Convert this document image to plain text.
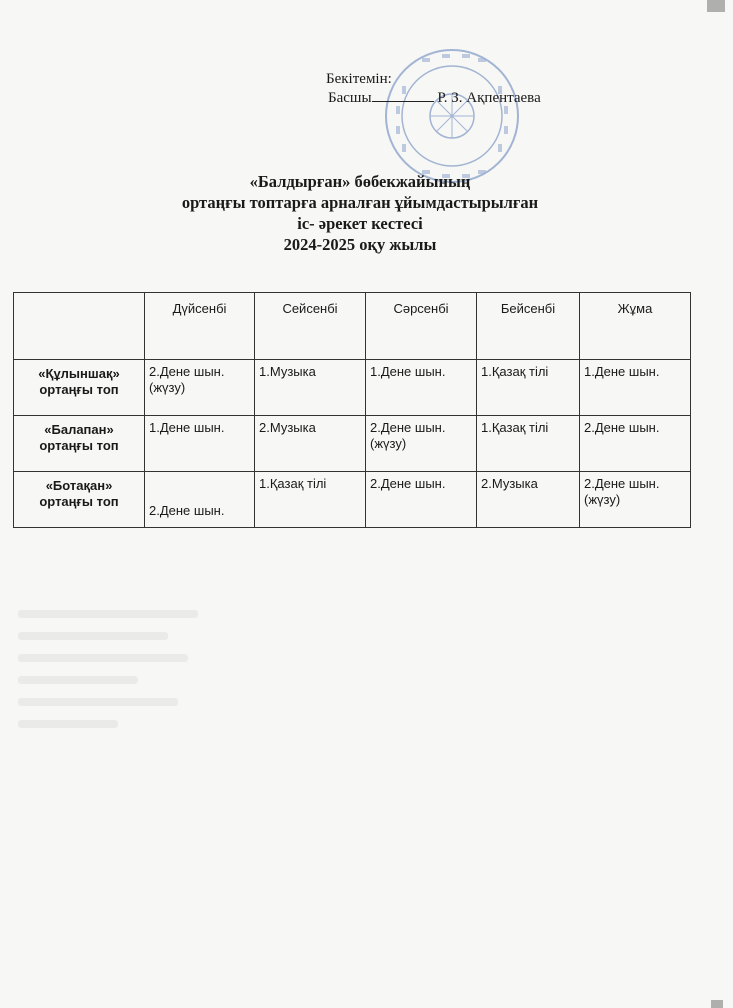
Бекітемін:
Басшы	Р. З. Ақпентаева
«Балдырған» бөбекжайының
ортаңғы топтарға арналған ұйымдастырылған
іс- әрекет кестесі
2024-2025 оқу жылы
	Дүйсенбі	Сейсенбі	Сәрсенбі	Бейсенбі	Жұма
«Құлыншақ» ортаңғы топ	2.Дене шын.(жүзу)	1.Музыка	1.Дене шын.	1.Қазақ тілі	1.Дене шын.
«Балапан» ортаңғы топ	1.Дене шын.	2.Музыка	2.Дене шын.(жүзу)	1.Қазақ тілі	2.Дене шын.
«Ботақан» ортаңғы топ	2.Дене шын.	1.Қазақ тілі	2.Дене шын.	2.Музыка	2.Дене шын.(жүзу)
